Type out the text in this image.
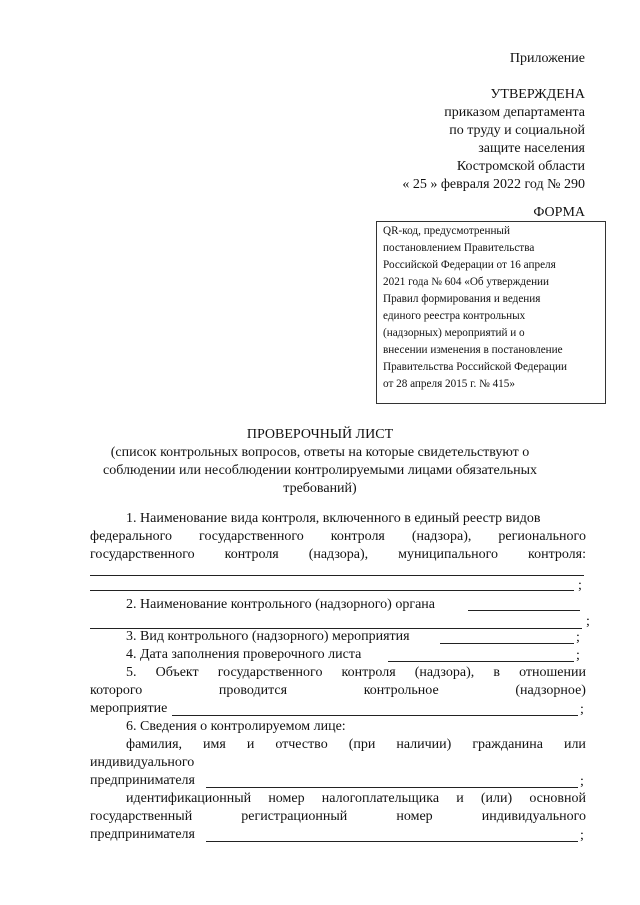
Приложение
УТВЕРЖДЕНА
приказом департамента
по труду и социальной
защите населения
Костромской области
« 25 » февраля 2022 год № 290
ФОРМА
QR-код, предусмотренный
постановлением Правительства
Российской Федерации от 16 апреля
2021 года № 604 «Об утверждении
Правил формирования и ведения
единого реестра контрольных
(надзорных) мероприятий и о
внесении изменения в постановление
Правительства Российской Федерации
от 28 апреля 2015 г. № 415»
ПРОВЕРОЧНЫЙ ЛИСТ
(список контрольных вопросов, ответы на которые свидетельствуют о
соблюдении или несоблюдении контролируемыми лицами обязательных
требований)
1. Наименование вида контроля, включенного в единый реестр видов
федерального государственного контроля (надзора), регионального
государственного контроля (надзора), муниципального контроля:
;
2. Наименование контрольного (надзорного) органа
;
3. Вид контрольного (надзорного) мероприятия	;
4. Дата заполнения проверочного листа	;
5. Объект государственного контроля (надзора), в отношении
которого	проводится	контрольное	(надзорное)
мероприятие	;
6. Сведения о контролируемом лице:
фамилия, имя и отчество (при наличии) гражданина или
индивидуального
предпринимателя	;
идентификационный номер налогоплательщика и (или) основной
государственный	регистрационный	номер	индивидуального
предпринимателя	;
